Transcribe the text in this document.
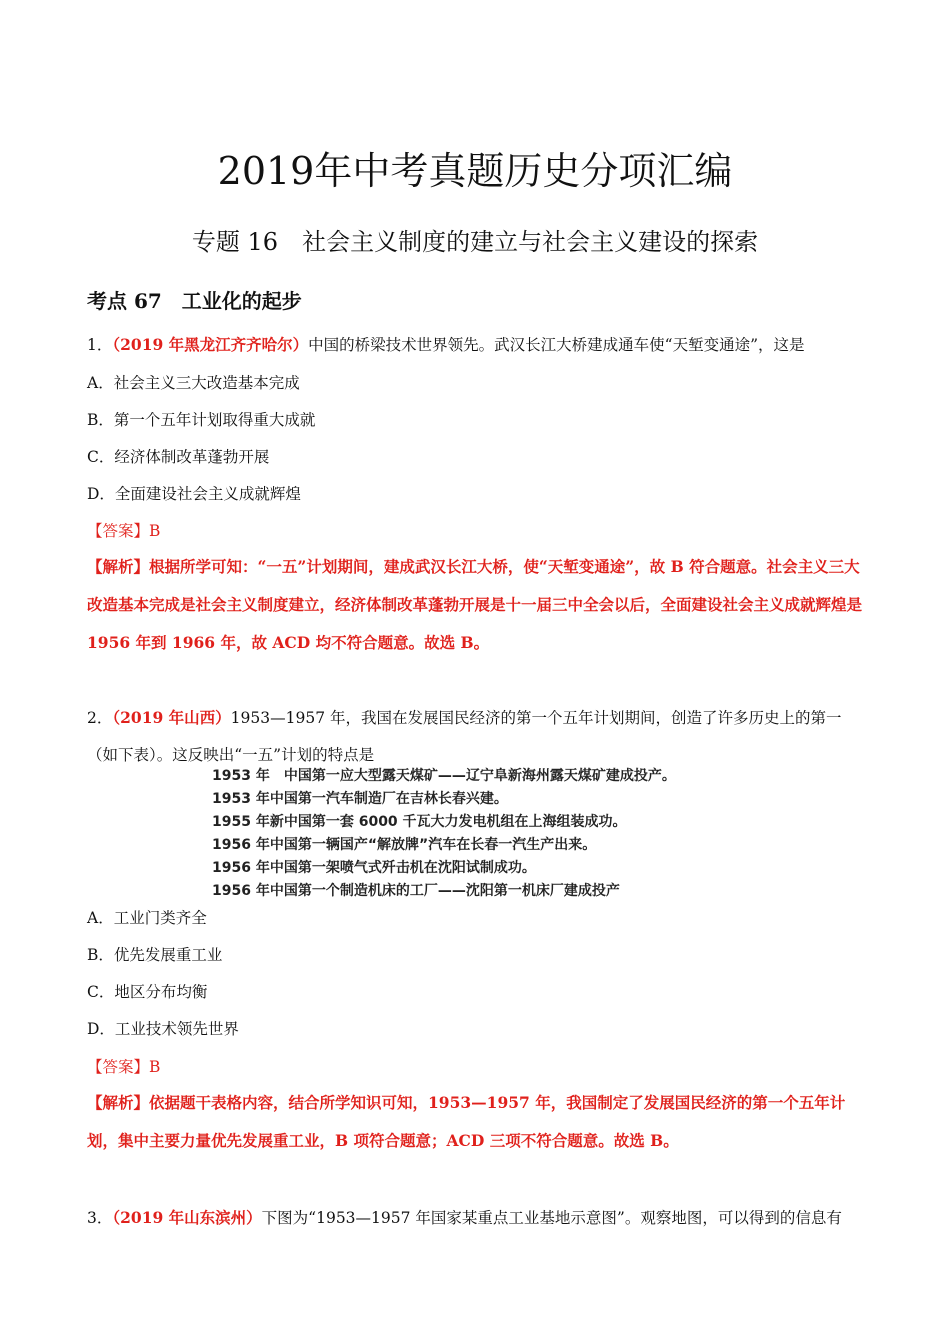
2019年中考真题历史分项汇编
专题 16　社会主义制度的建立与社会主义建设的探索
考点 67　工业化的起步
1．（2019 年黑龙江齐齐哈尔）中国的桥梁技术世界领先。武汉长江大桥建成通车使“天堑变通途”，这是
A．社会主义三大改造基本完成
B．第一个五年计划取得重大成就
C．经济体制改革蓬勃开展
D．全面建设社会主义成就辉煌
【答案】B
【解析】根据所学可知：“一五”计划期间，建成武汉长江大桥，使“天堑变通途”，故 B 符合题意。社会主义三大改造基本完成是社会主义制度建立，经济体制改革蓬勃开展是十一届三中全会以后，全面建设社会主义成就辉煌是 1956 年到 1966 年，故 ACD 均不符合题意。故选 B。
2．（2019 年山西）1953—1957 年，我国在发展国民经济的第一个五年计划期间，创造了许多历史上的第一
（如下表）。这反映出“一五”计划的特点是
1953 年　中国第一应大型露天煤矿——辽宁阜新海州露天煤矿建成投产。
1953 年中国第一汽车制造厂在吉林长春兴建。
1955 年新中国第一套 6000 千瓦大力发电机组在上海组装成功。
1956 年中国第一辆国产“解放牌”汽车在长春一汽生产出来。
1956 年中国第一架喷气式歼击机在沈阳试制成功。
1956 年中国第一个制造机床的工厂——沈阳第一机床厂建成投产
A．工业门类齐全
B．优先发展重工业
C．地区分布均衡
D．工业技术领先世界
【答案】B
【解析】依据题干表格内容，结合所学知识可知，1953—1957 年，我国制定了发展国民经济的第一个五年计划，集中主要力量优先发展重工业，B 项符合题意；ACD 三项不符合题意。故选 B。
3．（2019 年山东滨州）下图为“1953—1957 年国家某重点工业基地示意图”。观察地图，可以得到的信息有
